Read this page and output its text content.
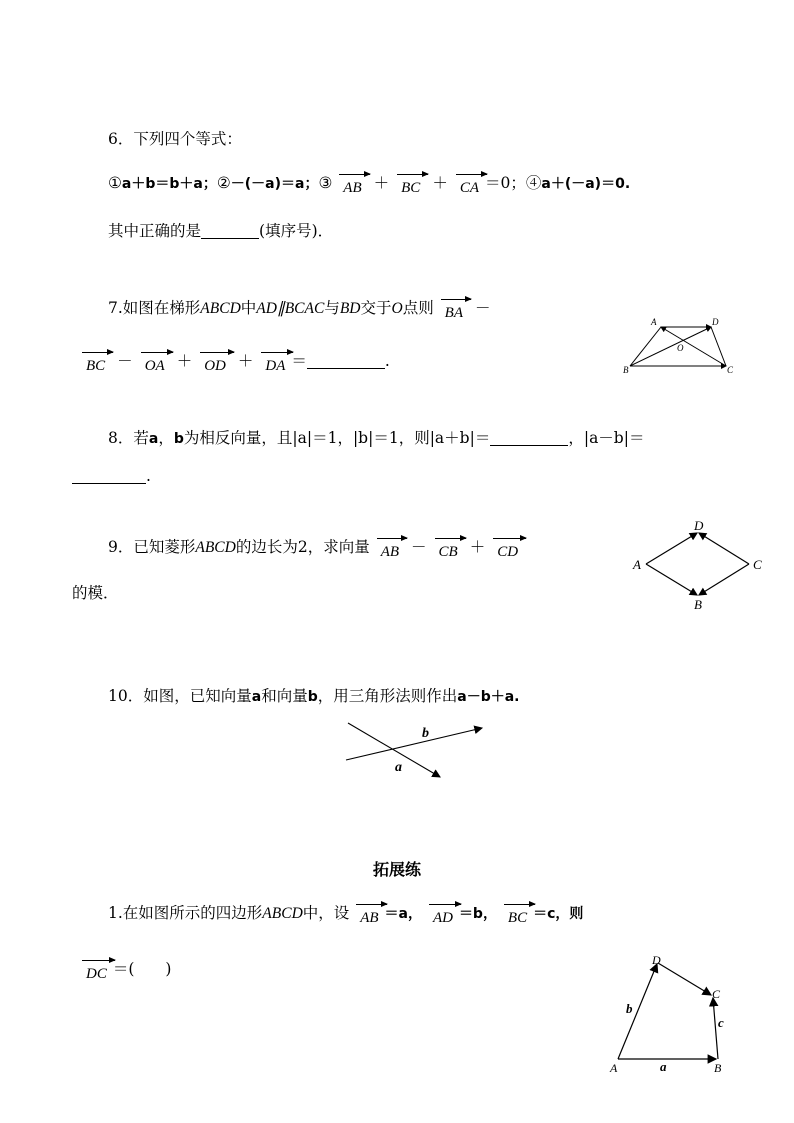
6．下列四个等式：
①a＋b＝b＋a；②－(－a)＝a；③ AB ＋ BC ＋ CA ＝0；④a＋(－a)＝0.
其中正确的是	(填序号)．
7.如图在梯形ABCD中AD∥BCAC与BD交于O点则 BA －
BC － OA ＋ OD ＋ DA ＝	.
A	D
B	C
O
8．若a，b为相反向量，且|a|＝1，|b|＝1，则|a＋b|＝	，|a－b|＝
.
9．已知菱形ABCD的边长为2，求向量 AB － CB ＋ CD
的模．
A
D
C
B
10．如图，已知向量a和向量b，用三角形法则作出a－b＋a.
b
a
拓展练
1.在如图所示的四边形ABCD中，设 AB ＝a， AD ＝b， BC ＝c，则
DC ＝(　　)
A	B
C
D
a
b
c
